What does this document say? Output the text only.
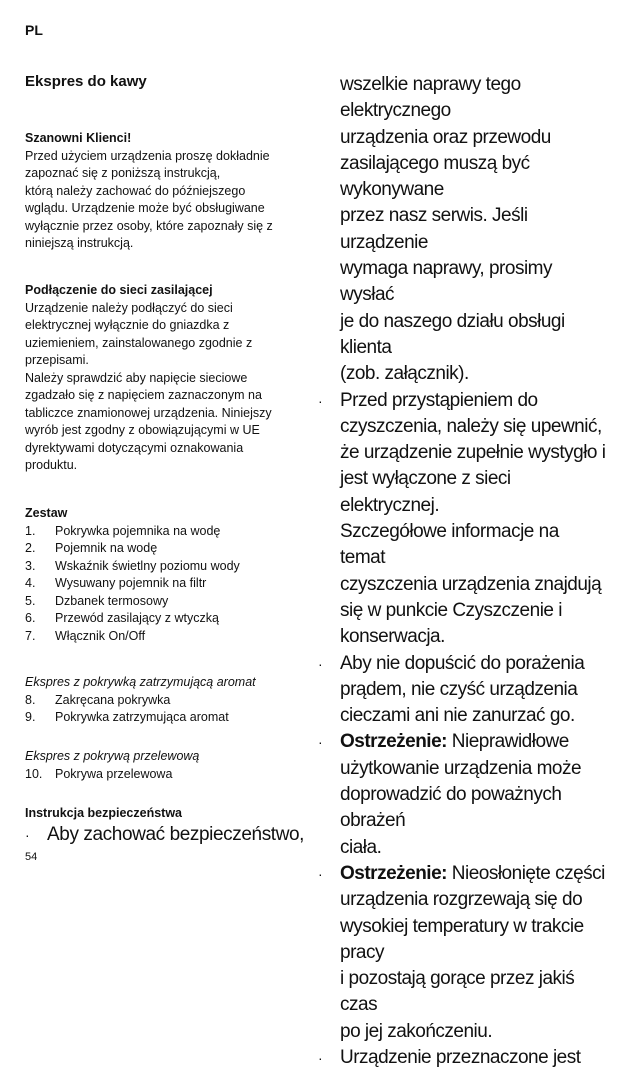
PL
Ekspres do kawy
Szanowni Klienci!

Przed użyciem urządzenia proszę dokładnie

zapoznać się z poniższą instrukcją,

którą należy zachować do późniejszego

wglądu. Urządzenie może być obsługiwane

wyłącznie przez osoby, które zapoznały się z

niniejszą instrukcją.

Podłączenie do sieci zasilającej

Urządzenie należy podłączyć do sieci

elektrycznej wyłącznie do gniazdka z

uziemieniem, zainstalowanego zgodnie z

przepisami.

Należy sprawdzić aby napięcie sieciowe

zgadzało się z napięciem zaznaczonym na

tabliczce znamionowej urządzenia. Niniejszy

wyrób jest zgodny z obowiązującymi w UE

dyrektywami dotyczącymi oznakowania

produktu.

Zestaw
1.	Pokrywka pojemnika na wodę
2.	Pojemnik na wodę
3.	Wskaźnik świetlny poziomu wody
4.	Wysuwany pojemnik na filtr
5.	Dzbanek termosowy
6.	Przewód zasilający z wtyczką
7.	Włącznik On/Off
Ekspres z pokrywką zatrzymującą aromat
8.	Zakręcana pokrywka
9.	Pokrywka zatrzymująca aromat
Ekspres z pokrywą przelewową
10.	Pokrywa przelewowa
Instrukcja bezpieczeństwa
· Aby zachować bezpieczeństwo,
wszelkie naprawy tego elektrycznego
urządzenia oraz przewodu
zasilającego muszą być wykonywane
przez nasz serwis. Jeśli urządzenie
wymaga naprawy, prosimy wysłać
je do naszego działu obsługi klienta
(zob. załącznik).
· Przed przystąpieniem do
czyszczenia, należy się upewnić,
że urządzenie zupełnie wystygło i
jest wyłączone z sieci elektrycznej.
Szczegółowe informacje na temat
czyszczenia urządzenia znajdują
się w punkcie Czyszczenie i
konserwacja.
· Aby nie dopuścić do porażenia
prądem, nie czyść urządzenia
cieczami ani nie zanurzać go.
· Ostrzeżenie: Nieprawidłowe
użytkowanie urządzenia może
doprowadzić do poważnych obrażeń
ciała.
· Ostrzeżenie: Nieosłonięte części
urządzenia rozgrzewają się do
wysokiej temperatury w trakcie pracy
i pozostają gorące przez jakiś czas
po jej zakończeniu.
· Urządzenie przeznaczone jest
54
